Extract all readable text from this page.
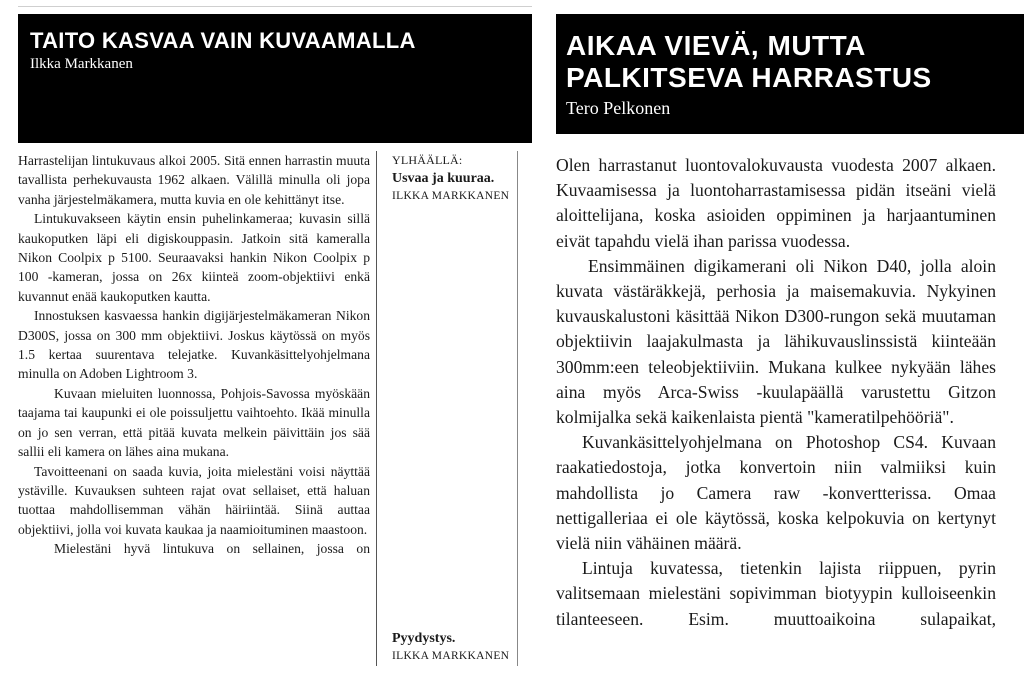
TAITO KASVAA VAIN KUVAAMALLA
Ilkka Markkanen

Harrastelijan lintukuvaus alkoi 2005. Sitä ennen harrastin muuta tavallista perhekuvausta 1962 alkaen. Välillä minulla oli jopa vanha järjestelmäkamera, mutta kuvia en ole kehittänyt itse.

Lintukuvakseen käytin ensin puhelinkameraa; kuvasin sillä kaukoputken läpi eli digiskouppasin. Jatkoin sitä kameralla Nikon Coolpix p 5100. Seuraavaksi hankin Nikon Coolpix p 100 -kameran, jossa on 26x kiinteä zoom-objektiivi enkä kuvannut enää kaukoputken kautta.

Innostuksen kasvaessa hankin digijärjestelmäkameran Nikon D300S, jossa on 300 mm objektiivi. Joskus käytössä on myös 1.5 kertaa suurentava telejatke. Kuvankäsittelyohjelmana minulla on Adoben Lightroom 3.

Kuvaan mieluiten luonnossa, Pohjois-Savossa myöskään taajama tai kaupunki ei ole poissuljettu vaihtoehto. Ikää minulla on jo sen verran, että pitää kuvata melkein päivittäin jos sää sallii eli kamera on lähes aina mukana.

Tavoitteenani on saada kuvia, joita mielestäni voisi näyttää ystäville. Kuvauksen suhteen rajat ovat sellaiset, että haluan tuottaa mahdollisemman vähän häiriintää. Siinä auttaa objektiivi, jolla voi kuvata kaukaa ja naamioituminen maastoon.

Mielestäni hyvä lintukuva on sellainen, jossa on

YLHÄÄLLÄ:
Usvaa ja kuuraa.
ILKKA MARKKANEN
Pyydystys.
ILKKA MARKKANEN
AIKAA VIEVÄ, MUTTA PALKITSEVA HARRASTUS
Tero Pelkonen

Olen harrastanut luontovalokuvausta vuodesta 2007 alkaen. Kuvaamisessa ja luontoharrastamisessa pidän itseäni vielä aloittelijana, koska asioiden oppiminen ja harjaantuminen eivät tapahdu vielä ihan parissa vuodessa.

Ensimmäinen digikamerani oli Nikon D40, jolla aloin kuvata västäräkkejä, perhosia ja maisemakuvia. Nykyinen kuvauskalustoni käsittää Nikon D300-rungon sekä muutaman objektiivin laajakulmasta ja lähikuvauslinssistä kiinteään 300mm:een teleobjektiiviin. Mukana kulkee nykyään lähes aina myös Arca-Swiss -kuulapäällä varustettu Gitzon kolmijalka sekä kaikenlaista pientä "kameratilpehööriä".

Kuvankäsittelyohjelmana on Photoshop CS4. Kuvaan raakatiedostoja, jotka konvertoin niin valmiiksi kuin mahdollista jo Camera raw -konvertterissa. Omaa nettigalleriaa ei ole käytössä, koska kelpokuvia on kertynyt vielä niin vähäinen määrä.

Lintuja kuvatessa, tietenkin lajista riippuen, pyrin valitsemaan mielestäni sopivimman biotyypin kulloiseenkin tilanteeseen. Esim. muuttoaikoina sulapaikat,
